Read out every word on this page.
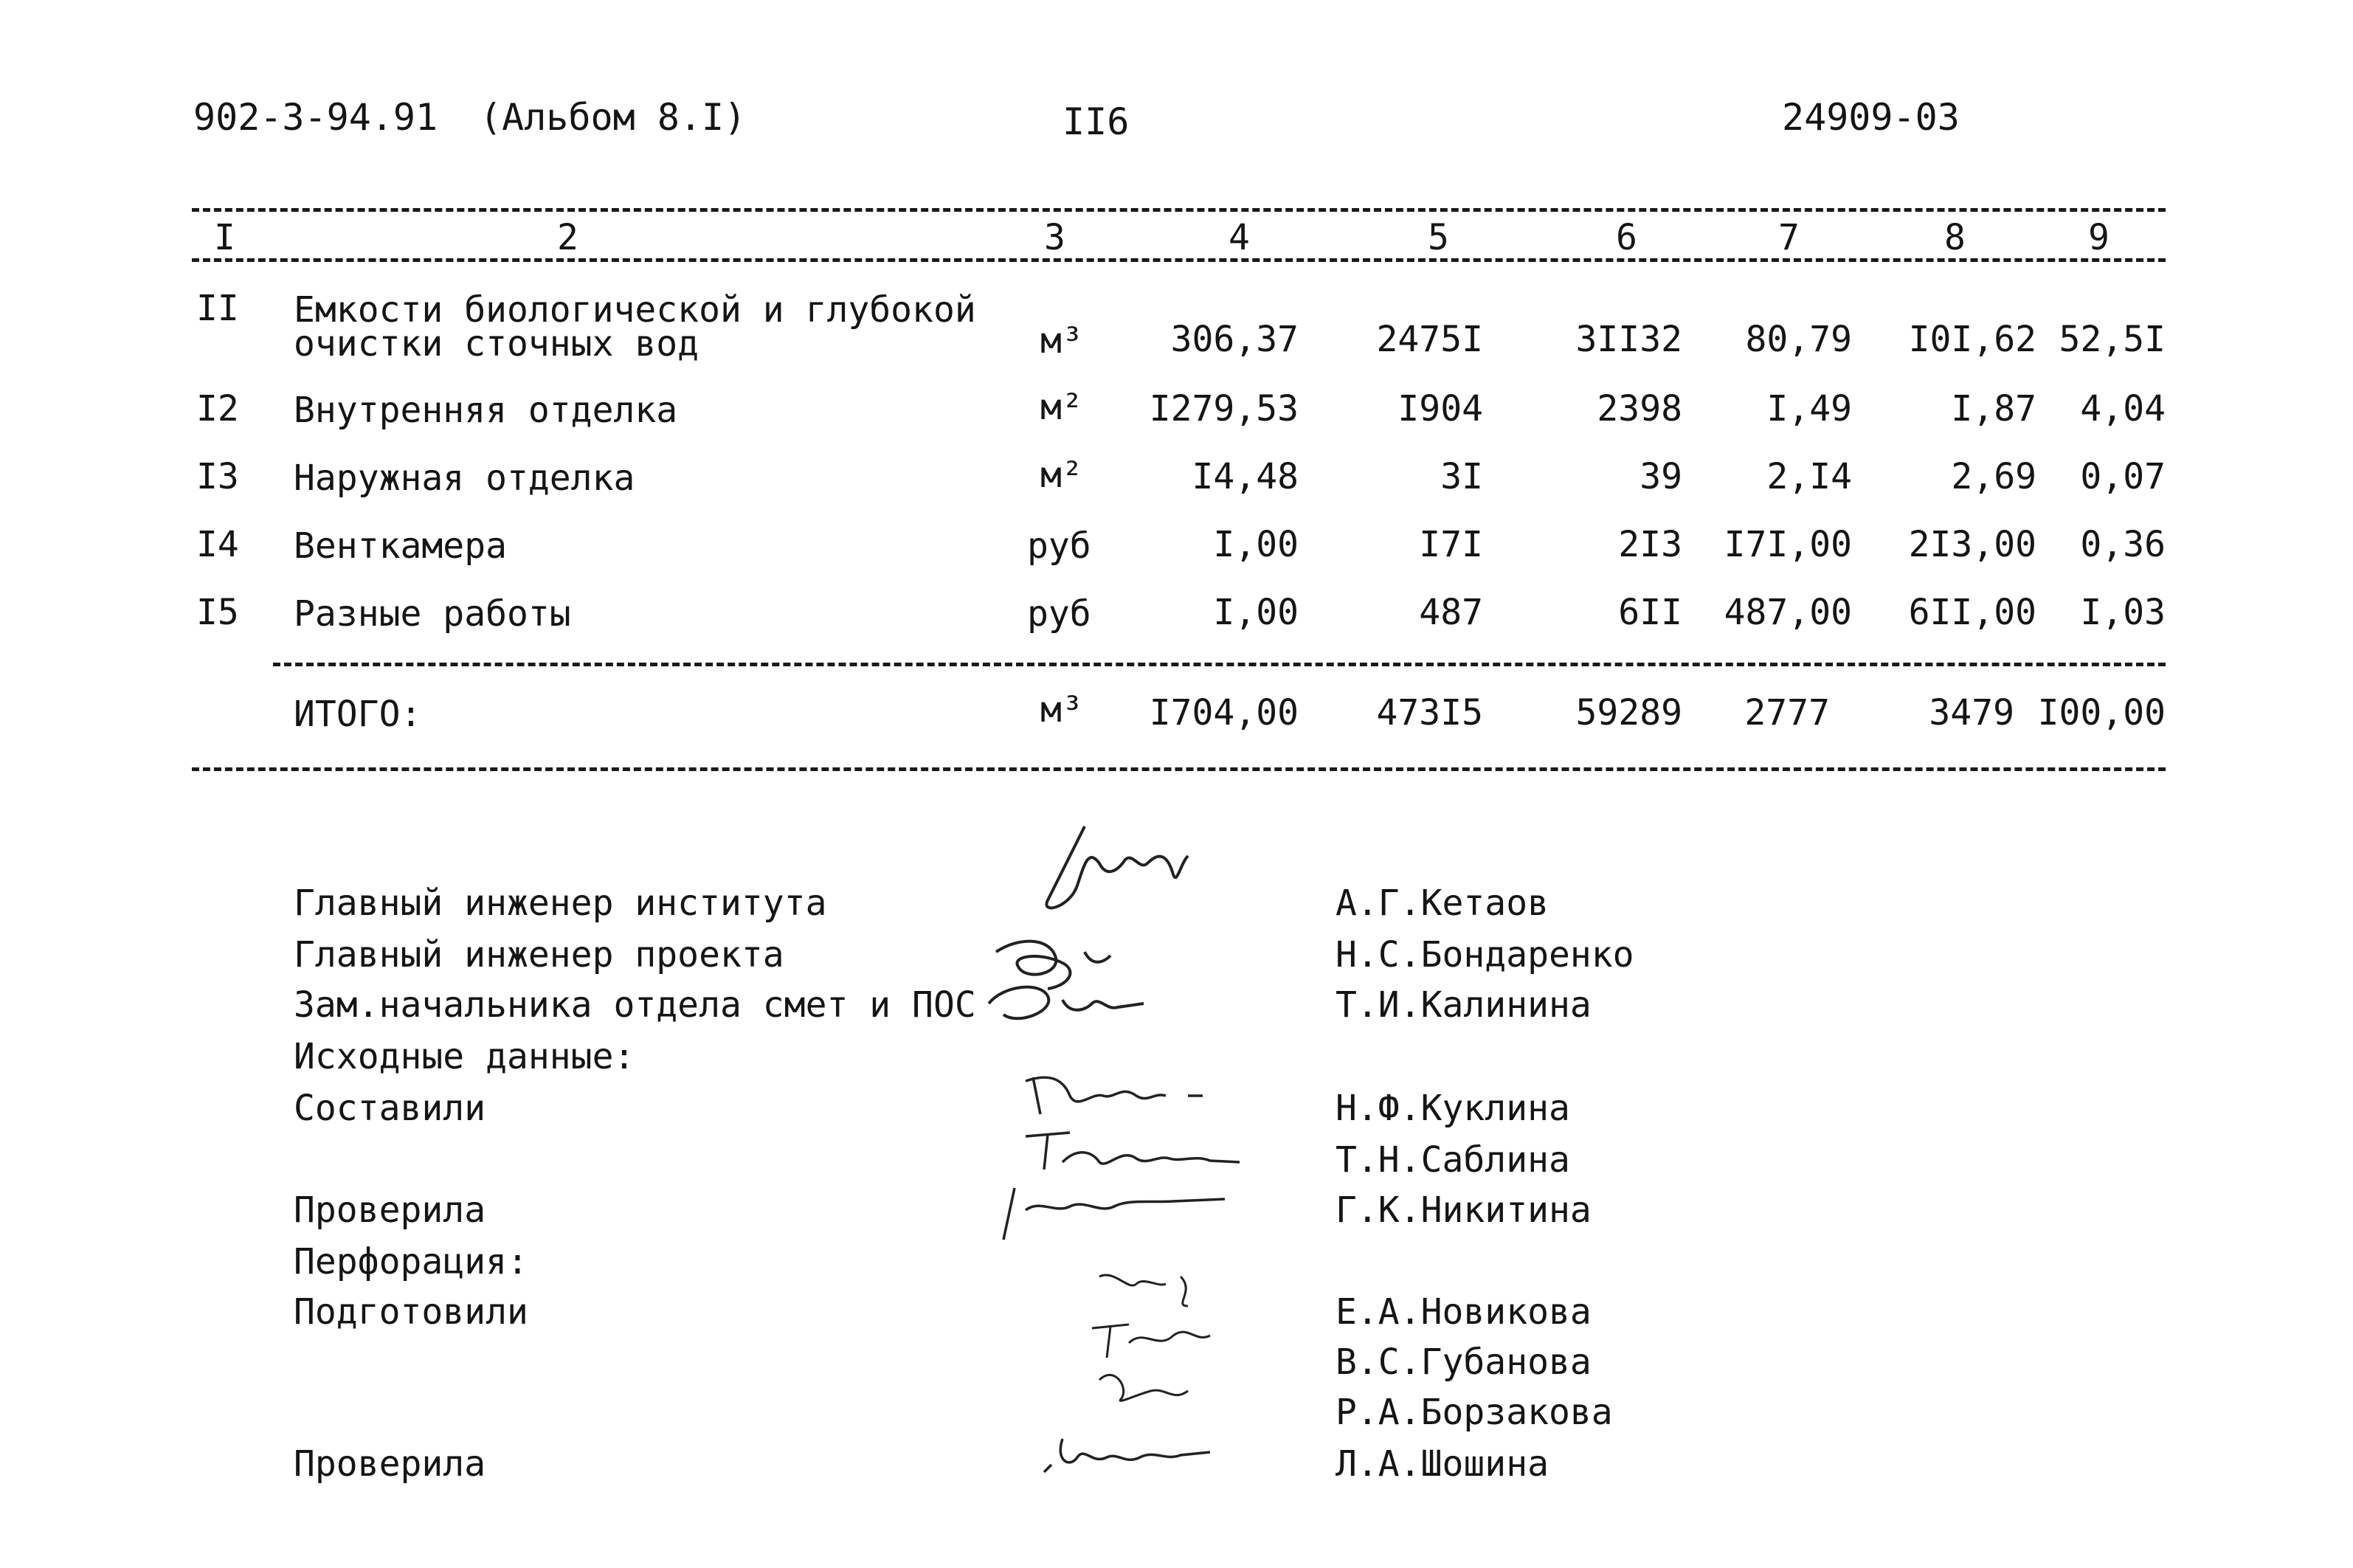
902-3-94.91 (Альбом 8.I)	II6	24909-03
I	2	3	4	5	6	7	8	9
II Емкости биологической и глубокой
очистки сточных вод	м³	306,37	2475I	3II32	80,79	I0I,62 52,5I
I2 Внутренняя отделка	м²	I279,53	I904	2398	I,49	I,87	4,04
I3 Наружная отделка	м²	I4,48	3I	39	2,I4	2,69	0,07
I4 Венткамера	руб	I,00	I7I	2I3	I7I,00	2I3,00	0,36
I5 Разные работы	руб	I,00	487	6II	487,00	6II,00	I,03
ИТОГО:	м³	I704,00	473I5	59289	2777	3479 I00,00
Главный инженер института
Главный инженер проекта
Зам.начальника отдела смет и ПОС
Исходные данные:
Составили
Проверила
Перфорация:
Подготовили
Проверила
А.Г.Кетаов
Н.С.Бондаренко
Т.И.Калинина
Н.Ф.Куклина
Т.Н.Саблина
Г.К.Никитина
Е.А.Новикова
В.С.Губанова
Р.А.Борзакова
Л.А.Шошина
